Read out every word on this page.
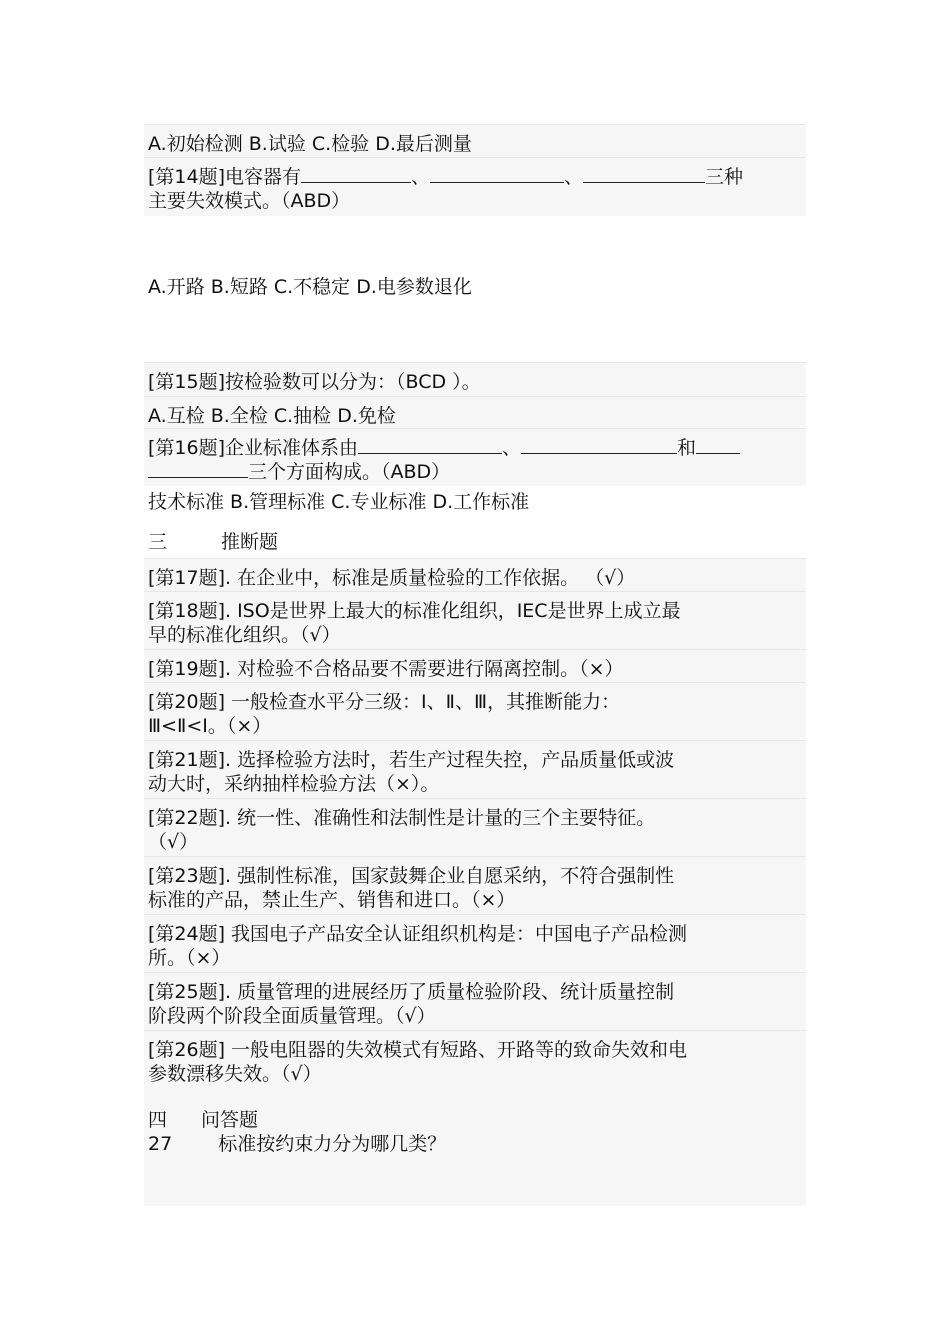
A.初始检测 B.试验 C.检验 D.最后测量
[第14题]电容器有	、	、	三种
主要失效模式。（ABD）
A.开路 B.短路 C.不稳定 D.电参数退化
[第15题]按检验数可以分为：（BCD ）。
A.互检 B.全检 C.抽检 D.免检
[第16题]企业标准体系由	、	和
三个方面构成。（ABD）
技术标准 B.管理标准 C.专业标准 D.工作标准
三	推断题
[第17题]. 在企业中，标准是质量检验的工作依据。 （√）
[第18题]. ISO是世界上最大的标准化组织，IEC是世界上成立最
早的标准化组织。（√）
[第19题]. 对检验不合格品要不需要进行隔离控制。（×）
[第20题] 一般检查水平分三级：Ⅰ、Ⅱ、Ⅲ，其推断能力：
Ⅲ<Ⅱ<Ⅰ。（×）
[第21题]. 选择检验方法时，若生产过程失控，产品质量低或波
动大时，采纳抽样检验方法（×）。
[第22题]. 统一性、准确性和法制性是计量的三个主要特征。
（√）
[第23题]. 强制性标准，国家鼓舞企业自愿采纳，不符合强制性
标准的产品，禁止生产、销售和进口。（×）
[第24题] 我国电子产品安全认证组织机构是：中国电子产品检测
所。（×）
[第25题]. 质量管理的进展经历了质量检验阶段、统计质量控制
阶段两个阶段全面质量管理。（√）
[第26题] 一般电阻器的失效模式有短路、开路等的致命失效和电
参数漂移失效。（√）
四 问答题
27 标准按约束力分为哪几类？
